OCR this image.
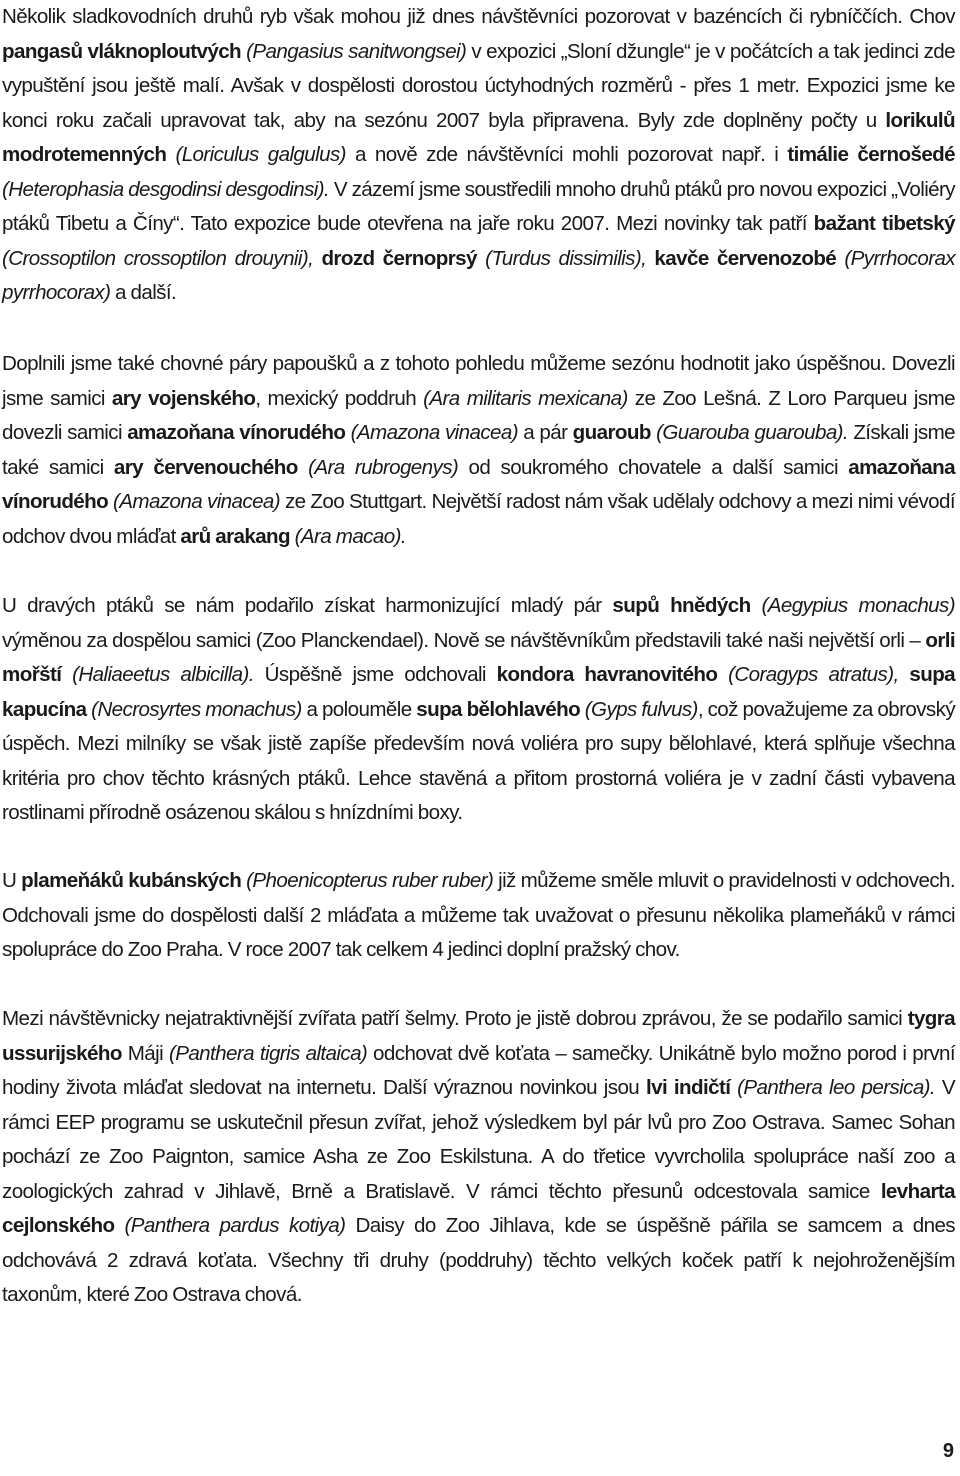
Několik sladkovodních druhů ryb však mohou již dnes návštěvníci pozorovat v bazéncích či rybníččích. Chov pangasů vláknoploutvých (Pangasius sanitwongsei) v expozici „Sloní džungle“ je v počátcích a tak jedinci zde vypuštění jsou ještě malí. Avšak v dospělosti dorostou úctyhodných rozměrů - přes 1 metr. Expozici jsme ke konci roku začali upravovat tak, aby na sezónu 2007 byla připravena. Byly zde doplněny počty u lorikulů modrotemenných (Loriculus galgulus) a nově zde návštěvníci mohli pozorovat např. i timálie černošedé (Heterophasia desgodinsi desgodinsi). V zázemí jsme soustředili mnoho druhů ptáků pro novou expozici „Voliéry ptáků Tibetu a Číny“. Tato expozice bude otevřena na jaře roku 2007. Mezi novinky tak patří bažant tibetský (Crossoptilon crossoptilon drouynii), drozd černoprsý (Turdus dissimilis), kavče červenozobé (Pyrrhocorax pyrrhocorax) a další.

Doplnili jsme také chovné páry papoušků a z tohoto pohledu můžeme sezónu hodnotit jako úspěšnou. Dovezli jsme samici ary vojenského, mexický poddruh (Ara militaris mexicana) ze Zoo Lešná. Z Loro Parqueu jsme dovezli samici amazoňana vínorudého (Amazona vinacea) a pár guaroub (Guarouba guarouba). Získali jsme také samici ary červenouchého (Ara rubrogenys) od soukromého chovatele a další samici amazoňana vínorudého (Amazona vinacea) ze Zoo Stuttgart. Největší radost nám však udělaly odchovy a mezi nimi vévodí odchov dvou mláďat arů arakang (Ara macao).

U dravých ptáků se nám podařilo získat harmonizující mladý pár supů hnědých (Aegypius monachus) výměnou za dospělou samici (Zoo Planckendael). Nově se návštěvníkům představili také naši největší orli – orli mořští (Haliaeetus albicilla). Úspěšně jsme odchovali kondora havranovitého (Coragyps atratus), supa kapucína (Necrosyrtes monachus) a polouměle supa bělohlavého (Gyps fulvus), což považujeme za obrovský úspěch. Mezi milníky se však jistě zapíše především nová voliéra pro supy bělohlavé, která splňuje všechna kritéria pro chov těchto krásných ptáků. Lehce stavěná a přitom prostorná voliéra je v zadní části vybavena rostlinami přírodně osázenou skálou s hnízdními boxy.

U plameňáků kubánských (Phoenicopterus ruber ruber) již můžeme směle mluvit o pravidelnosti v odchovech. Odchovali jsme do dospělosti další 2 mláďata a můžeme tak uvažovat o přesunu několika plameňáků v rámci spolupráce do Zoo Praha. V roce 2007 tak celkem 4 jedinci doplní pražský chov.

Mezi návštěvnicky nejatraktivnější zvířata patří šelmy. Proto je jistě dobrou zprávou, že se podařilo samici tygra ussurijského Máji (Panthera tigris altaica) odchovat dvě koťata – samečky. Unikátně bylo možno porod i první hodiny života mláďat sledovat na internetu. Další výraznou novinkou jsou lvi indičtí (Panthera leo persica). V rámci EEP programu se uskutečnil přesun zvířat, jehož výsledkem byl pár lvů pro Zoo Ostrava. Samec Sohan pochází ze Zoo Paignton, samice Asha ze Zoo Eskilstuna. A do třetice vyvrcholila spolupráce naší zoo a zoologických zahrad v Jihlavě, Brně a Bratislavě. V rámci těchto přesunů odcestovala samice levharta cejlonského (Panthera pardus kotiya) Daisy do Zoo Jihlava, kde se úspěšně pářila se samcem a dnes odchovává 2 zdravá koťata. Všechny tři druhy (poddruhy) těchto velkých koček patří k nejohroženějším taxonům, které Zoo Ostrava chová.

9
